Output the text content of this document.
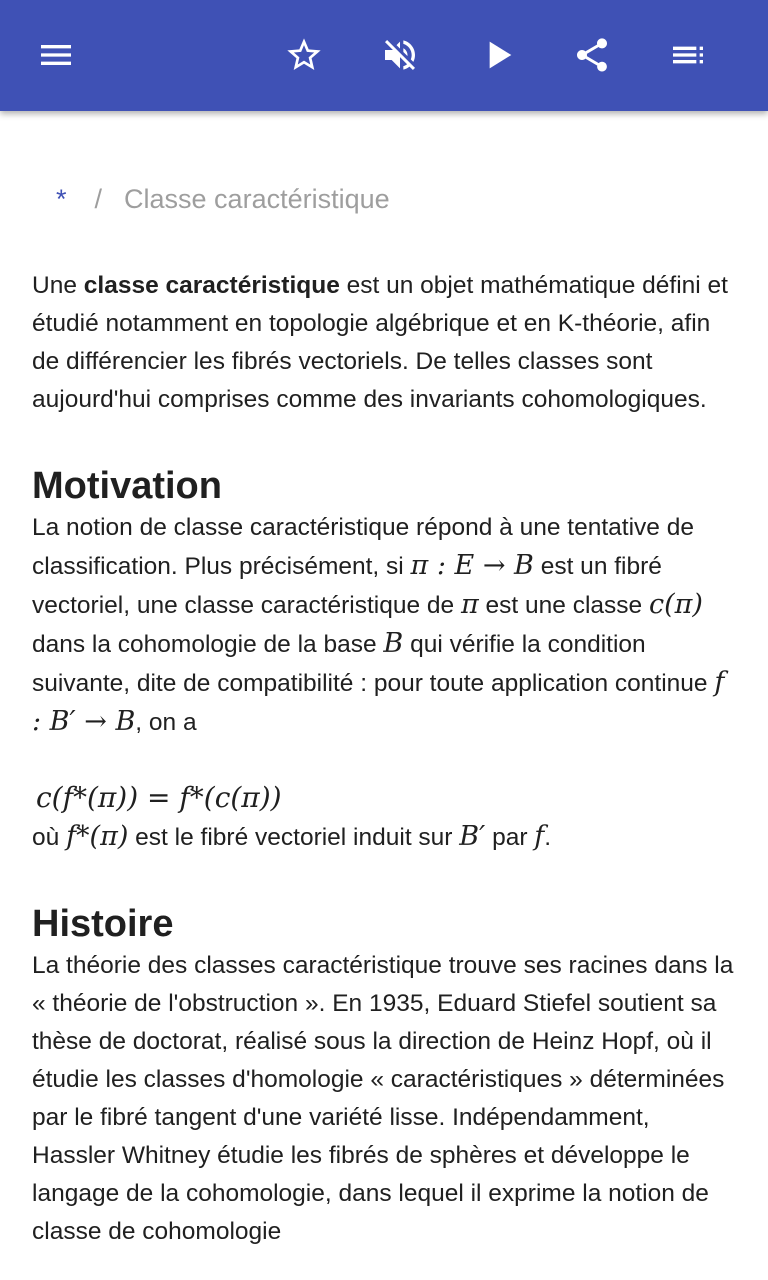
* / Classe caractéristique

Une classe caractéristique est un objet mathématique défini et étudié notamment en topologie algébrique et en K-théorie, afin de différencier les fibrés vectoriels. De telles classes sont aujourd'hui comprises comme des invariants cohomologiques.

Motivation

La notion de classe caractéristique répond à une tentative de classification. Plus précisément, si π : E → B est un fibré vectoriel, une classe caractéristique de π est une classe c(π) dans la cohomologie de la base B qui vérifie la condition suivante, dite de compatibilité : pour toute application continue f : B′ → B, on a

c(f*(π)) = f*(c(π))

où f*(π) est le fibré vectoriel induit sur B′ par f.

Histoire

La théorie des classes caractéristique trouve ses racines dans la « théorie de l'obstruction ». En 1935, Eduard Stiefel soutient sa thèse de doctorat, réalisé sous la direction de Heinz Hopf, où il étudie les classes d'homologie « caractéristiques » déterminées par le fibré tangent d'une variété lisse. Indépendamment, Hassler Whitney étudie les fibrés de sphères et développe le langage de la cohomologie, dans lequel il exprime la notion de classe de cohomologie
